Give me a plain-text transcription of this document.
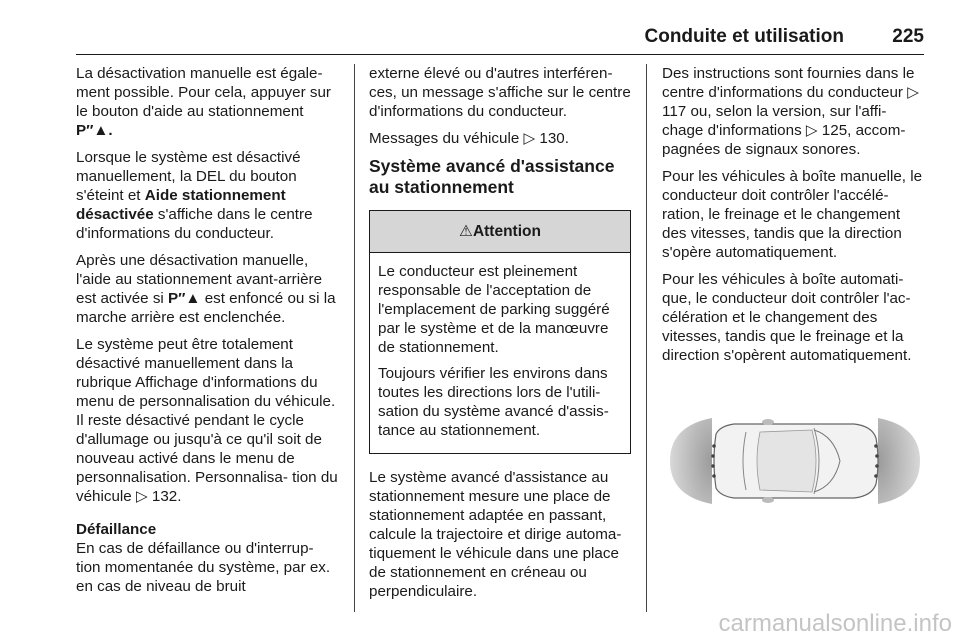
Conduite et utilisation	225

La désactivation manuelle est égale- ment possible. Pour cela, appuyer sur le bouton d'aide au stationnement P″▲.

Lorsque le système est désactivé manuellement, la DEL du bouton s'éteint et Aide stationnement désactivée s'affiche dans le centre d'informations du conducteur.

Après une désactivation manuelle, l'aide au stationnement avant-arrière est activée si P″▲ est enfoncé ou si la marche arrière est enclenchée.

Le système peut être totalement désactivé manuellement dans la rubrique Affichage d'informations du menu de personnalisation du véhicule. Il reste désactivé pendant le cycle d'allumage ou jusqu'à ce qu'il soit de nouveau activé dans le menu de personnalisation. Personnalisa- tion du véhicule ▷ 132.

Défaillance

En cas de défaillance ou d'interrup- tion momentanée du système, par ex. en cas de niveau de bruit

externe élevé ou d'autres interféren- ces, un message s'affiche sur le centre d'informations du conducteur.

Messages du véhicule ▷ 130.

Système avancé d'assistance au stationnement
⚠Attention

Le conducteur est pleinement responsable de l'acceptation de l'emplacement de parking suggéré par le système et de la manœuvre de stationnement.

Toujours vérifier les environs dans toutes les directions lors de l'utili- sation du système avancé d'assis- tance au stationnement.

Le système avancé d'assistance au stationnement mesure une place de stationnement adaptée en passant, calcule la trajectoire et dirige automa- tiquement le véhicule dans une place de stationnement en créneau ou perpendiculaire.

Des instructions sont fournies dans le centre d'informations du conducteur ▷ 117 ou, selon la version, sur l'affi- chage d'informations ▷ 125, accom- pagnées de signaux sonores.

Pour les véhicules à boîte manuelle, le conducteur doit contrôler l'accélé- ration, le freinage et le changement des vitesses, tandis que la direction s'opère automatiquement.

Pour les véhicules à boîte automati- que, le conducteur doit contrôler l'ac- célération et le changement des vitesses, tandis que le freinage et la direction s'opèrent automatiquement.

carmanualsonline.info
